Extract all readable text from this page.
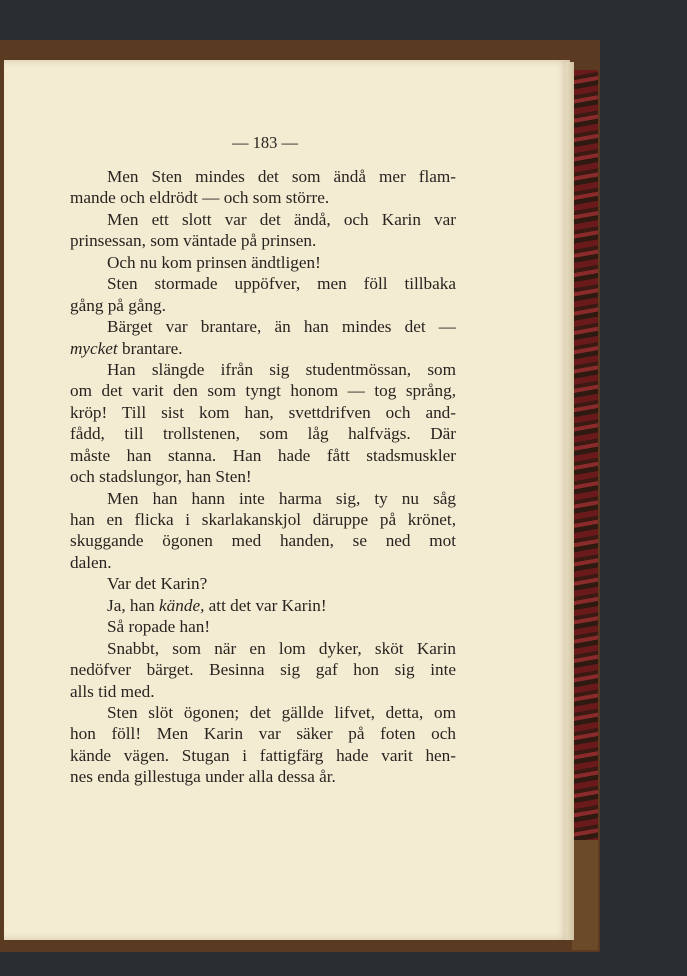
— 183 —
Men Sten mindes det som ändå mer flam-
mande och eldrödt — och som större.
Men ett slott var det ändå, och Karin var
prinsessan, som väntade på prinsen.
Och nu kom prinsen ändtligen!
Sten stormade uppöfver, men föll tillbaka
gång på gång.
Bärget var brantare, än han mindes det —
mycket brantare.
Han slängde ifrån sig studentmössan, som
om det varit den som tyngt honom — tog språng,
kröp! Till sist kom han, svettdrifven och and-
fådd, till trollstenen, som låg halfvägs. Där
måste han stanna. Han hade fått stadsmuskler
och stadslungor, han Sten!
Men han hann inte harma sig, ty nu såg
han en flicka i skarlakanskjol däruppe på krönet,
skuggande ögonen med handen, se ned mot
dalen.
Var det Karin?
Ja, han kände, att det var Karin!
Så ropade han!
Snabbt, som när en lom dyker, sköt Karin
nedöfver bärget. Besinna sig gaf hon sig inte
alls tid med.
Sten slöt ögonen; det gällde lifvet, detta, om
hon föll! Men Karin var säker på foten och
kände vägen. Stugan i fattigfärg hade varit hen-
nes enda gillestuga under alla dessa år.
